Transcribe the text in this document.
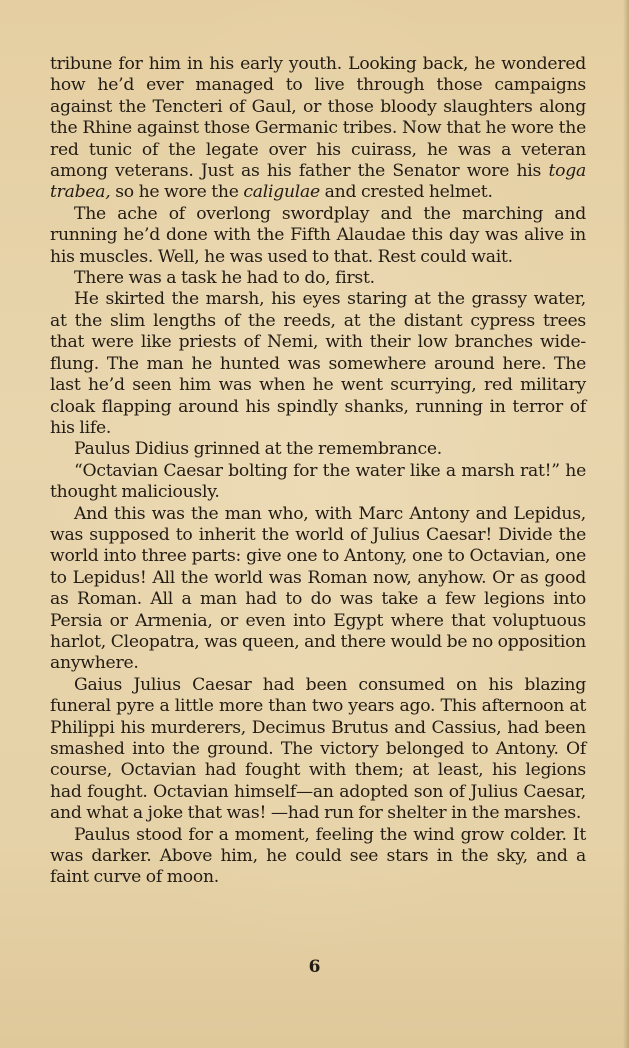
tribune for him in his early youth. Looking back, he wondered how he’d ever managed to live through those campaigns against the Tencteri of Gaul, or those bloody slaughters along the Rhine against those Germanic tribes. Now that he wore the red tunic of the legate over his cuirass, he was a veteran among veterans. Just as his father the Senator wore his toga trabea, so he wore the caligulae and crested helmet.

The ache of overlong swordplay and the marching and running he’d done with the Fifth Alaudae this day was alive in his muscles. Well, he was used to that. Rest could wait.

There was a task he had to do, first.

He skirted the marsh, his eyes staring at the grassy water, at the slim lengths of the reeds, at the distant cypress trees that were like priests of Nemi, with their low branches wide-flung. The man he hunted was somewhere around here. The last he’d seen him was when he went scurrying, red military cloak flapping around his spindly shanks, running in terror of his life.

Paulus Didius grinned at the remembrance.

“Octavian Caesar bolting for the water like a marsh rat!” he thought maliciously.

And this was the man who, with Marc Antony and Lepidus, was supposed to inherit the world of Julius Caesar! Divide the world into three parts: give one to Antony, one to Octavian, one to Lepidus! All the world was Roman now, anyhow. Or as good as Roman. All a man had to do was take a few legions into Persia or Armenia, or even into Egypt where that voluptuous harlot, Cleopatra, was queen, and there would be no opposition anywhere.

Gaius Julius Caesar had been consumed on his blazing funeral pyre a little more than two years ago. This afternoon at Philippi his murderers, Decimus Brutus and Cassius, had been smashed into the ground. The victory belonged to Antony. Of course, Octavian had fought with them; at least, his legions had fought. Octavian himself—an adopted son of Julius Caesar, and what a joke that was! —had run for shelter in the marshes.

Paulus stood for a moment, feeling the wind grow colder. It was darker. Above him, he could see stars in the sky, and a faint curve of moon.

6
